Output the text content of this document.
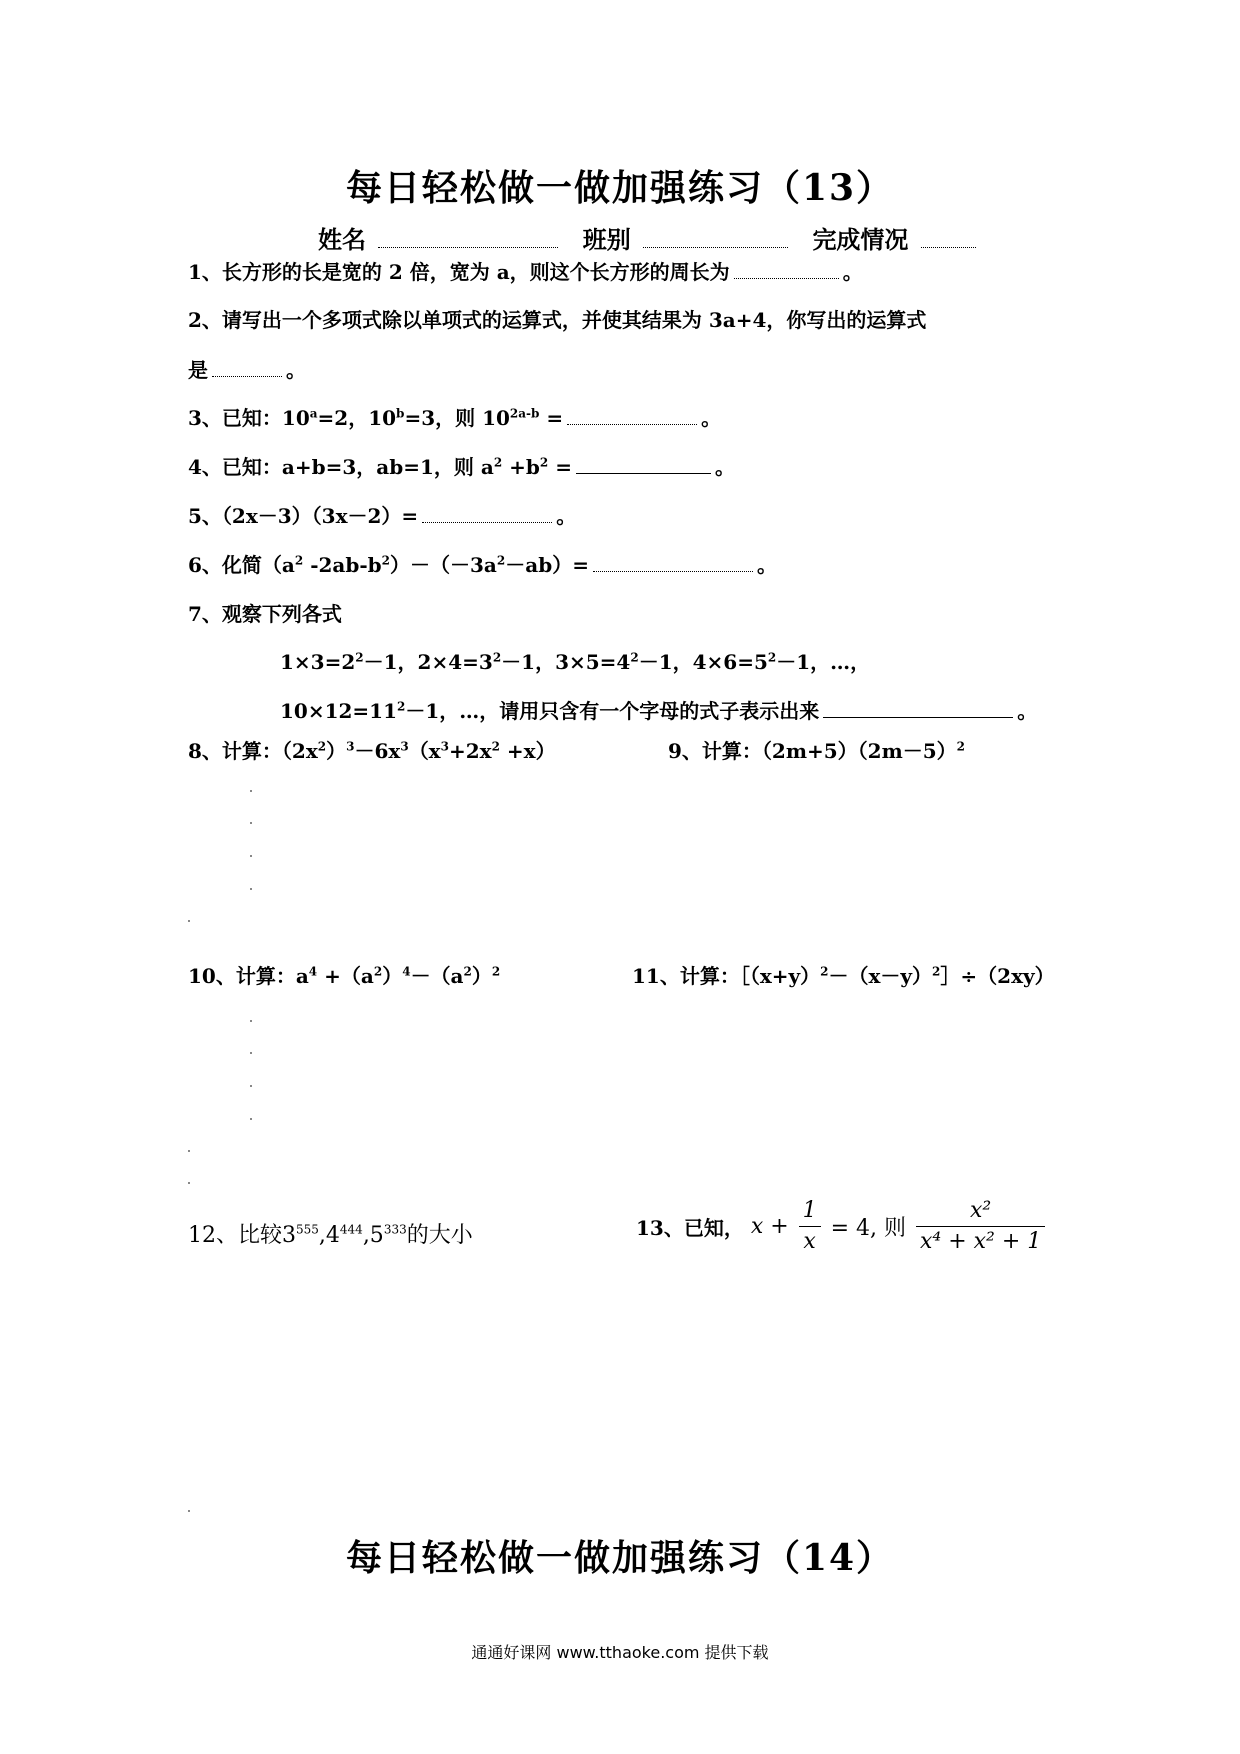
每日轻松做一做加强练习（13）
姓名	班别	完成情况
1、长方形的长是宽的 2 倍，宽为 a，则这个长方形的周长为	。
2、请写出一个多项式除以单项式的运算式，并使其结果为 3a+4，你写出的运算式
是	。
3、已知：$10^a=2$，$10^b=3$，则 $10^{2a-b}$ =	。
4、已知：a+b=3，ab=1，则 $a^2 +b^2$ =	。
5、（2x－3）（3x－2）=	。
6、化简（$a^2$ $-2ab-b^2)-(-3a^2-ab)=$	。
7、观察下列各式
$1\times 3=2^2-1$，$2\times 4=3^2-1$，$3\times 5=4^2-1$，$4\times 6=5^2-1$，…，
$10\times 12=11^2-1$，…，请用只含有一个字母的式子表示出来	。
8、计算：$(2x^2)^3-6x^3(x^3+2x^2 +x)$	9、计算：$(2m+5)(2m-5)^2$
10、计算：$a^4 +(a^2)^4-(a^2)^2$	11、计算：$[(x+y)^2-(x-y)^2]\div(2xy)$
12、比较$3^{555},4^{444},5^{333}$的大小	13、已知， $x + \frac{1}{x} = 4$, 则 $\frac{\text{x²}}{\text{x⁴ + x² + 1}}$
每日轻松做一做加强练习（14）
通通好课网 www.tthaoke.com 提供下载
